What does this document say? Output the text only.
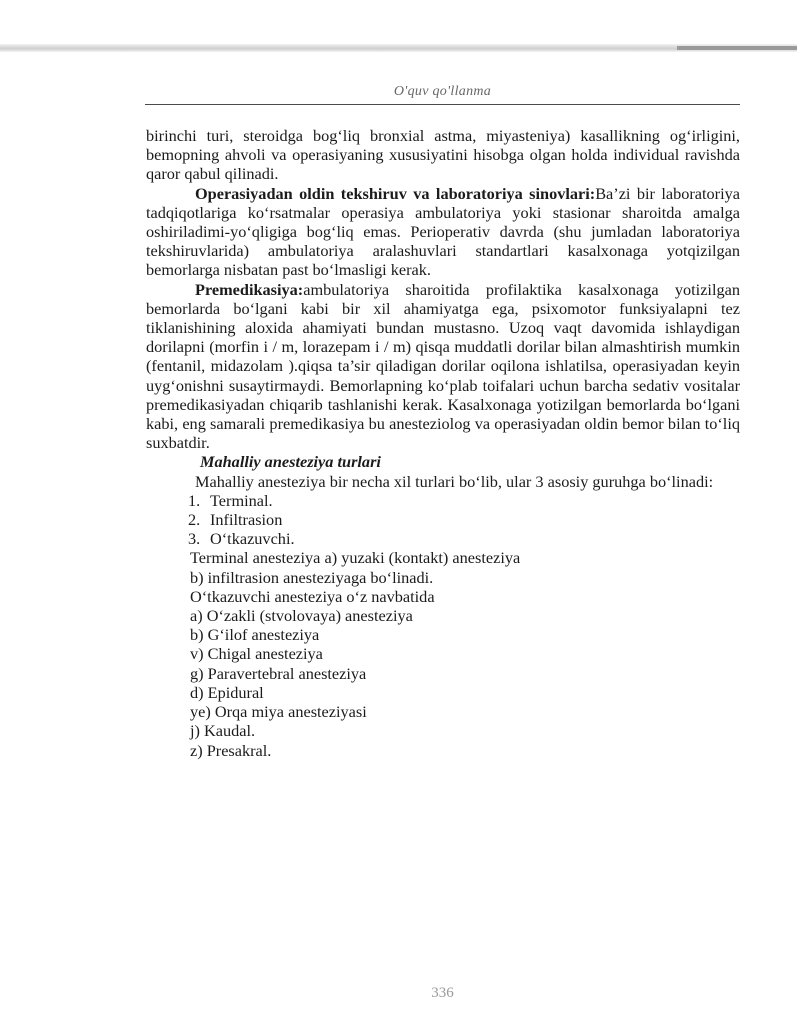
O'quv qo'llanma

birinchi turi, steroidga bog‘liq bronxial astma, miyasteniya) kasallikning og‘irligini, bemopning ahvoli va operasiyaning xususiyatini hisobga olgan holda individual ravishda qaror qabul qilinadi.

Operasiyadan oldin tekshiruv va laboratoriya sinovlari:Ba’zi bir laboratoriya tadqiqotlariga ko‘rsatmalar operasiya ambulatoriya yoki stasionar sharoitda amalga oshiriladimi-yo‘qligiga bog‘liq emas. Perioperativ davrda (shu jumladan laboratoriya tekshiruvlarida) ambulatoriya aralashuvlari standartlari kasalxonaga yotqizilgan bemorlarga nisbatan past bo‘lmasligi kerak.

Premedikasiya:ambulatoriya sharoitida profilaktika kasalxonaga yotizilgan bemorlarda bo‘lgani kabi bir xil ahamiyatga ega, psixomotor funksiyalapni tez tiklanishining aloxida ahamiyati bundan mustasno. Uzoq vaqt davomida ishlaydigan dorilapni (morfin i / m, lorazepam i / m) qisqa muddatli dorilar bilan almashtirish mumkin (fentanil, midazolam ).qiqsa ta’sir qiladigan dorilar oqilona ishlatilsa, operasiyadan keyin uyg‘onishni susaytirmaydi. Bemorlapning ko‘plab toifalari uchun barcha sedativ vositalar premedikasiyadan chiqarib tashlanishi kerak. Kasalxonaga yotizilgan bemorlarda bo‘lgani kabi, eng samarali premedikasiya bu anesteziolog va operasiyadan oldin bemor bilan to‘liq suxbatdir.

Mahalliy anesteziya turlari

Mahalliy anesteziya bir necha xil turlari bo‘lib, ular 3 asosiy guruhga bo‘linadi:

1. Terminal.
2. Infiltrasion
3. O‘tkazuvchi.
Terminal anesteziya a) yuzaki (kontakt) anesteziya
b) infiltrasion anesteziyaga bo‘linadi.
O‘tkazuvchi anesteziya o‘z navbatida
a) O‘zakli (stvolovaya) anesteziya
b) G‘ilof anesteziya
v) Chigal anesteziya
g) Paravertebral anesteziya
d) Epidural
ye) Orqa miya anesteziyasi
j) Kaudal.
z) Presakral.
336
